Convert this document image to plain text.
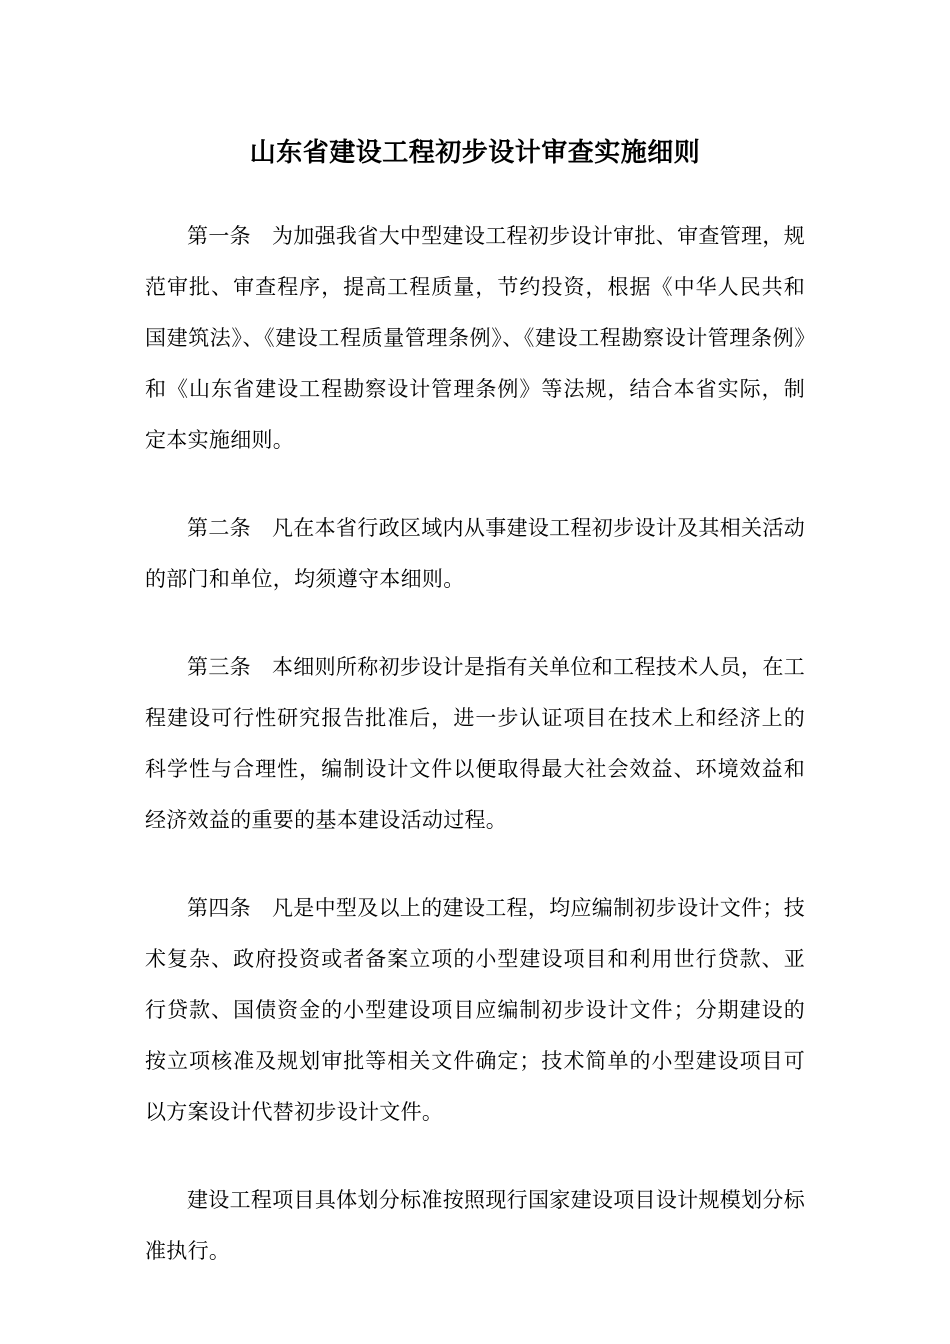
山东省建设工程初步设计审查实施细则

第一条 为加强我省大中型建设工程初步设计审批、审查管理，规范审批、审查程序，提高工程质量，节约投资，根据《中华人民共和国建筑法》、《建设工程质量管理条例》、《建设工程勘察设计管理条例》和《山东省建设工程勘察设计管理条例》等法规，结合本省实际，制定本实施细则。

第二条 凡在本省行政区域内从事建设工程初步设计及其相关活动的部门和单位，均须遵守本细则。

第三条 本细则所称初步设计是指有关单位和工程技术人员，在工程建设可行性研究报告批准后，进一步认证项目在技术上和经济上的科学性与合理性，编制设计文件以便取得最大社会效益、环境效益和经济效益的重要的基本建设活动过程。

第四条 凡是中型及以上的建设工程，均应编制初步设计文件；技术复杂、政府投资或者备案立项的小型建设项目和利用世行贷款、亚行贷款、国债资金的小型建设项目应编制初步设计文件；分期建设的按立项核准及规划审批等相关文件确定；技术简单的小型建设项目可以方案设计代替初步设计文件。

建设工程项目具体划分标准按照现行国家建设项目设计规模划分标准执行。
